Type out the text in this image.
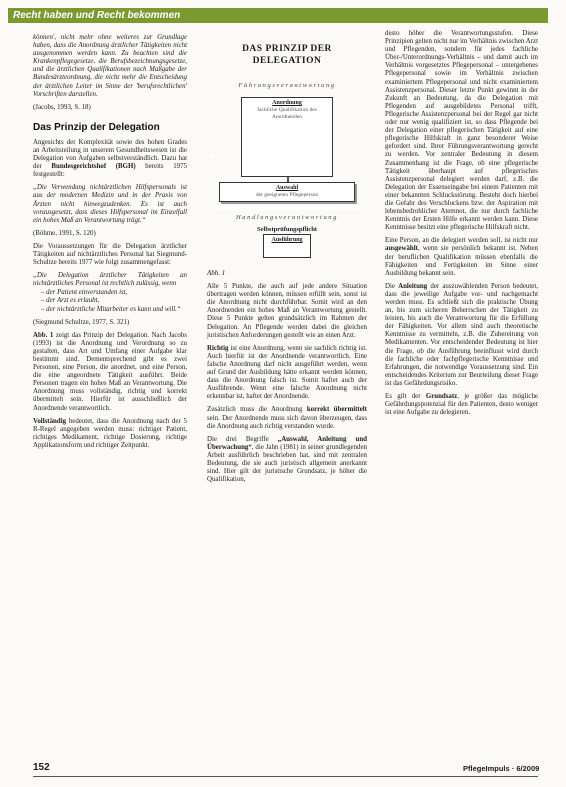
Recht haben und Recht bekommen

können', nicht mehr ohne weiteres zur Grundlage haben, dass die Anordnung ärztlicher Tätigkeiten nicht ausgenommen werden kann. Zu beachten sind die Krankenpflegegesetze, die Berufsbezeichnungsgesetze, und die ärztlichen Qualifikationen nach Maßgabe der Bundesärzteordnung, die nicht mehr die Entscheidung der ärztlichen Leiter im Sinne der 'berufsrechtlichen' Vorschriften darstellen.

(Jacobs, 1993, S. 18)

Das Prinzip der Delegation

Angesichts der Komplexität sowie des hohen Grades an Arbeitsteilung in unserem Gesundheitswesen ist die Delegation von Aufgaben selbstverständlich. Dazu hat der Bundesgerichtshof (BGH) bereits 1975 festgestellt:

„Die Verwendung nichtärztlichen Hilfspersonals ist aus der modernen Medizin und in der Praxis von Ärzten nicht hinwegzudenken. Es ist auch vorausgesetzt, dass dieses Hilfspersonal im Einzelfall ein hohes Maß an Verantwortung trägt.“

(Böhme, 1991, S. 120)

Die Voraussetzungen für die Delegation ärztlicher Tätigkeiten auf nichtärztliches Personal hat Siegmund-Schultze bereits 1977 wie folgt zusammengefasst:

„Die Delegation ärztlicher Tätigkeiten an nichtärztliches Personal ist rechtlich zulässig, wenn

– der Patient einverstanden ist,
– der Arzt es erlaubt,
– der nichtärztliche Mitarbeiter es kann und will.“

(Siegmund Schultze, 1977, S. 321)

Abb. 1 zeigt das Prinzip der Delegation. Nach Jacobs (1993) ist die Anordnung und Verordnung so zu gestalten, dass Art und Umfang einer Aufgabe klar bestimmt sind. Dementsprechend gibt es zwei Personen, eine Person, die anordnet, und eine Person, die eine angeordnete Tätigkeit ausführt. Beide Personen tragen ein hohes Maß an Verantwortung. Die Anordnung muss vollständig, richtig und korrekt übermittelt sein. Hierfür ist ausschließlich der Anordnende verantwortlich.

Vollständig bedeutet, dass die Anordnung nach der 5 R-Regel angegeben werden muss: richtiger Patient, richtiges Medikament, richtige Dosierung, richtige Applikationsform und richtiger Zeitpunkt.

DAS PRINZIP DER
DELEGATION
Führungsverantwortung
Anordnung
fachliche Qualifikation des Anordnenden
Auswahl
der geeigneten Pflegeperson
Handlungsverantwortung
Selbstprüfungspflicht
Ausführung
Abb. 1

Alle 5 Punkte, die auch auf jede andere Situation übertragen werden können, müssen erfüllt sein, sonst ist die Anordnung nicht durchführbar. Somit wird an den Anordnenden ein hohes Maß an Verantwortung gestellt. Diese 5 Punkte gelten grundsätzlich im Rahmen der Delegation. An Pflegende werden dabei die gleichen juristischen Anforderungen gestellt wie an einen Arzt.

Richtig ist eine Anordnung, wenn sie sachlich richtig ist. Auch hierfür ist der Anordnende verantwortlich. Eine falsche Anordnung darf nicht ausgeführt werden, wenn auf Grund der Ausbildung hätte erkannt werden können, dass die Anordnung falsch ist. Somit haftet auch der Ausführende. Wenn eine falsche Anordnung nicht erkennbar ist, haftet der Anordnende.

Zusätzlich muss die Anordnung korrekt übermittelt sein. Der Anordnende muss sich davon überzeugen, dass die Anordnung auch richtig verstanden wurde.

Die drei Begriffe „Auswahl, Anleitung und Überwachung“, die Jahn (1981) in seiner grundlegenden Arbeit ausführlich beschrieben hat, sind mit zentralen Bedeutung, die sie auch juristisch allgemein anerkannt sind. Hier gilt der juristische Grundsatz, je höher die Qualifikation,

desto höher die Verantwortungsstufen. Diese Prinzipien gelten nicht nur im Verhältnis zwischen Arzt und Pflegenden, sondern für jedes fachliche Über-/Unterordnungs-Verhältnis – und damit auch im Verhältnis vorgesetztes Pflegepersonal – untergebenes Pflegepersonal sowie im Verhältnis zwischen examiniertem Pflegepersonal und nicht examiniertem Assistenzpersonal. Dieser letzte Punkt gewinnt in der Zukunft an Bedeutung, da die Delegation mit Pflegenden auf ausgebildetes Personal trifft, Pflegerische Assistenzpersonal bei der Regel gar nicht oder nur wenig qualifiziert ist, so dass Pflegende bei der Delegation einer pflegerischen Tätigkeit auf eine pflegerische Hilfskraft in ganz besonderer Weise gefordert sind. Ihrer Führungsverantwortung gerecht zu werden. Vor zentraler Bedeutung in diesem Zusammenhang ist die Frage, ob eine pflegerische Tätigkeit überhaupt auf pflegerisches Assistenzpersonal delegiert werden darf, z.B. die Delegation der Essenseingabe bei einem Patienten mit einer bekannten Schluckstörung. Besteht doch hierbei die Gefahr des Verschluckens bzw. der Aspiration mit lebensbedrohlicher Atemnot, die nur durch fachliche Kenntnis der Ersten Hilfe erkannt werden kann. Diese Kenntnisse besitzt eine pflegerische Hilfskraft nicht.

Eine Person, an die delegiert werden soll, ist nicht nur ausgewählt, wenn sie persönlich bekannt ist. Neben der beruflichen Qualifikation müssen ebenfalls die Fähigkeiten und Fertigkeiten im Sinne einer Ausbildung bekannt sein.

Die Anleitung der auszuwählenden Person bedeutet, dass die jeweilige Aufgabe vor- und nachgemacht werden muss. Es schließt sich die praktische Übung an, bis zum sicheren Beherrschen der Tätigkeit zu leisten, bis auch die Verantwortung für die Erfüllung der Fähigkeiten. Vor allem sind auch theoretische Kenntnisse zu vermitteln, z.B. die Zubereitung von Medikamenten. Vor entscheidender Bedeutung ist hier die Frage, ob die Ausführung beeinflusst wird durch die fachliche oder fachpflegerische Kenntnisse und Erfahrungen, die notwendige Voraussetzung sind. Ein entscheidendes Kriterium zur Beurteilung dieser Frage ist das Gefährdungsrisiko.

Es gilt der Grundsatz, je größer das mögliche Gefährdungspotenzial für den Patienten, desto weniger ist eine Aufgabe zu delegieren.

152	PflegeImpuls · 6/2009
